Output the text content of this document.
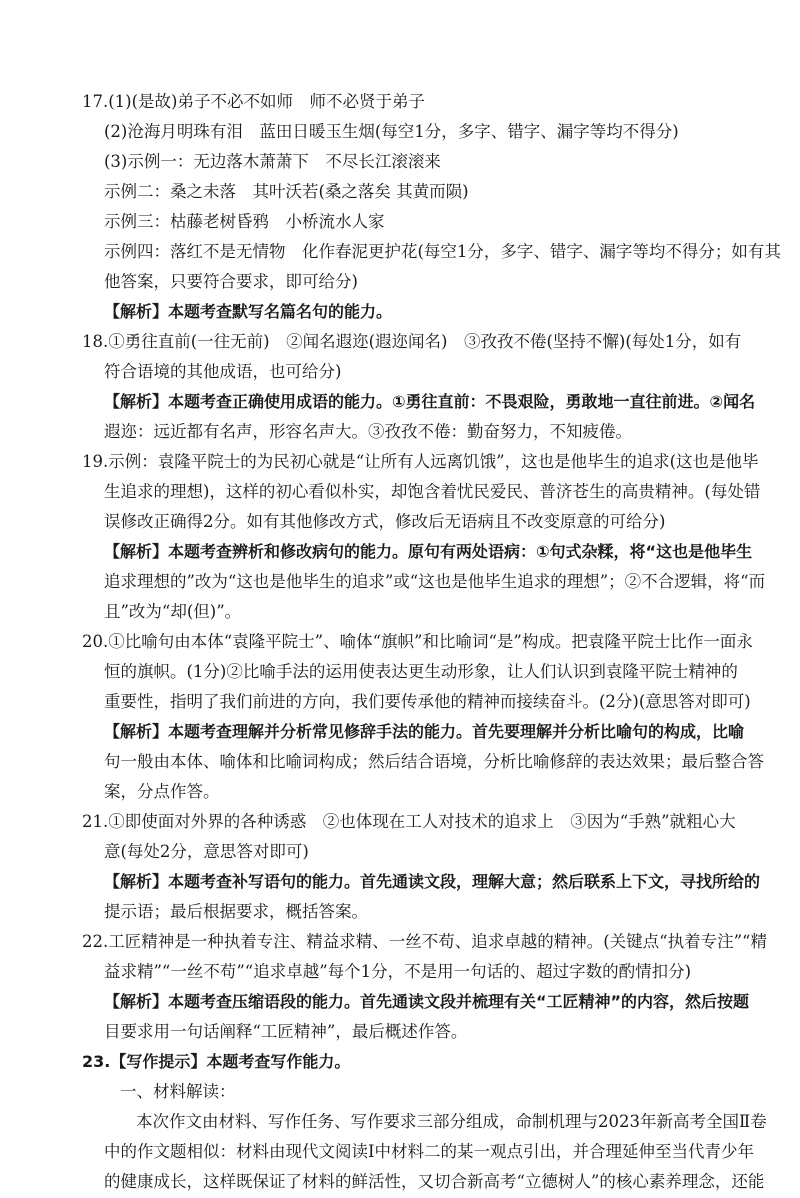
17.(1)(是故)弟子不必不如师　师不必贤于弟子
(2)沧海月明珠有泪　蓝田日暖玉生烟(每空1分，多字、错字、漏字等均不得分)
(3)示例一：无边落木萧萧下　不尽长江滚滚来
示例二：桑之未落　其叶沃若(桑之落矣 其黄而陨)
示例三：枯藤老树昏鸦　小桥流水人家
示例四：落红不是无情物　化作春泥更护花(每空1分，多字、错字、漏字等均不得分；如有其
他答案，只要符合要求，即可给分)
【解析】本题考查默写名篇名句的能力。
18.①勇往直前(一往无前)　②闻名遐迩(遐迩闻名)　③孜孜不倦(坚持不懈)(每处1分，如有
符合语境的其他成语，也可给分)
【解析】本题考查正确使用成语的能力。①勇往直前：不畏艰险，勇敢地一直往前进。②闻名
遐迩：远近都有名声，形容名声大。③孜孜不倦：勤奋努力，不知疲倦。
19.示例：袁隆平院士的为民初心就是“让所有人远离饥饿”，这也是他毕生的追求(这也是他毕
生追求的理想)，这样的初心看似朴实，却饱含着忧民爱民、普济苍生的高贵精神。(每处错
误修改正确得2分。如有其他修改方式，修改后无语病且不改变原意的可给分)
【解析】本题考查辨析和修改病句的能力。原句有两处语病：①句式杂糅，将“这也是他毕生
追求理想的”改为“这也是他毕生的追求”或“这也是他毕生追求的理想”；②不合逻辑，将“而
且”改为“却(但)”。
20.①比喻句由本体“袁隆平院士”、喻体“旗帜”和比喻词“是”构成。把袁隆平院士比作一面永
恒的旗帜。(1分)②比喻手法的运用使表达更生动形象，让人们认识到袁隆平院士精神的
重要性，指明了我们前进的方向，我们要传承他的精神而接续奋斗。(2分)(意思答对即可)
【解析】本题考查理解并分析常见修辞手法的能力。首先要理解并分析比喻句的构成，比喻
句一般由本体、喻体和比喻词构成；然后结合语境，分析比喻修辞的表达效果；最后整合答
案，分点作答。
21.①即使面对外界的各种诱惑　②也体现在工人对技术的追求上　③因为“手熟”就粗心大
意(每处2分，意思答对即可)
【解析】本题考查补写语句的能力。首先通读文段，理解大意；然后联系上下文，寻找所给的
提示语；最后根据要求，概括答案。
22.工匠精神是一种执着专注、精益求精、一丝不苟、追求卓越的精神。(关键点“执着专注”“精
益求精”“一丝不苟”“追求卓越”每个1分，不是用一句话的、超过字数的酌情扣分)
【解析】本题考查压缩语段的能力。首先通读文段并梳理有关“工匠精神”的内容，然后按题
目要求用一句话阐释“工匠精神”，最后概述作答。
23.【写作提示】本题考查写作能力。
一、材料解读：
本次作文由材料、写作任务、写作要求三部分组成，命制机理与2023年新高考全国Ⅱ卷
中的作文题相似：材料由现代文阅读Ⅰ中材料二的某一观点引出，并合理延伸至当代青少年
的健康成长，这样既保证了材料的鲜活性，又切合新高考“立德树人”的核心素养理念，还能
